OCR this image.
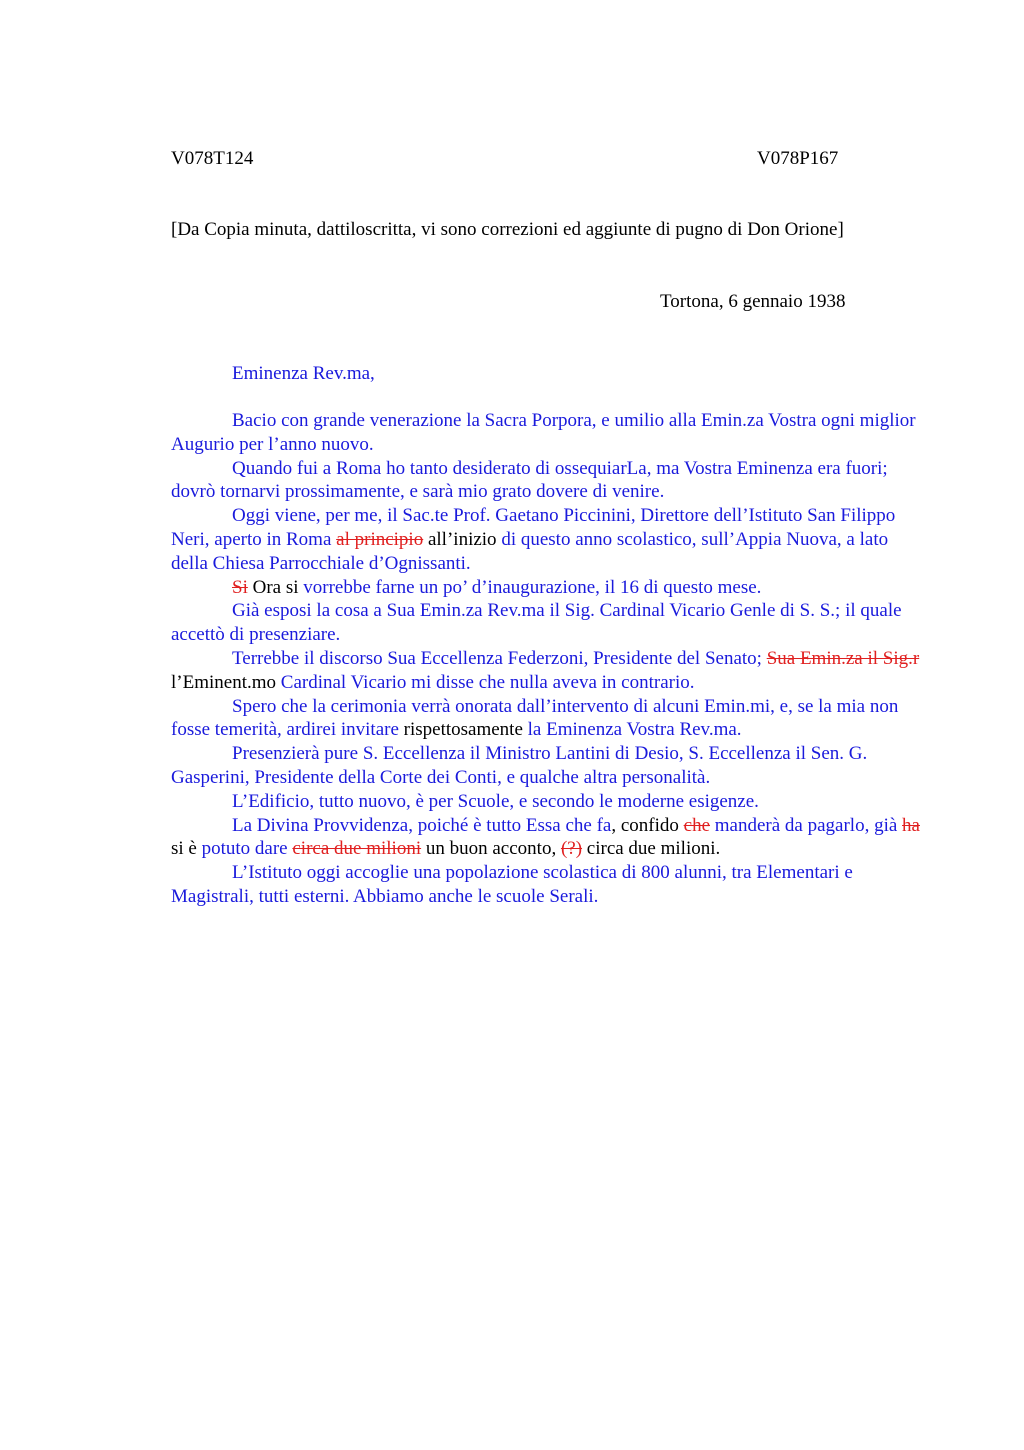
V078T124	V078P167
[Da Copia minuta, dattiloscritta, vi sono correzioni ed aggiunte di pugno di Don Orione]
Tortona, 6 gennaio 1938
Eminenza Rev.ma,

Bacio con grande venerazione la Sacra Porpora, e umilio alla Emin.za Vostra ogni miglior Augurio per l’anno nuovo.

Quando fui a Roma ho tanto desiderato di ossequiarLa, ma Vostra Eminenza era fuori; dovrò tornarvi prossimamente, e sarà mio grato dovere di venire.

Oggi viene, per me, il Sac.te Prof. Gaetano Piccinini, Direttore dell’Istituto San Filippo Neri, aperto in Roma al principio all’inizio di questo anno scolastico, sull’Appia Nuova, a lato della Chiesa Parrocchiale d’Ognissanti.

Si Ora si vorrebbe farne un po’ d’inaugurazione, il 16 di questo mese.

Già esposi la cosa a Sua Emin.za Rev.ma il Sig. Cardinal Vicario Genle di S. S.; il quale accettò di presenziare.

Terrebbe il discorso Sua Eccellenza Federzoni, Presidente del Senato; Sua Emin.za il Sig.r l’Eminent.mo Cardinal Vicario mi disse che nulla aveva in contrario.

Spero che la cerimonia verrà onorata dall’intervento di alcuni Emin.mi, e, se la mia non fosse temerità, ardirei invitare rispettosamente la Eminenza Vostra Rev.ma.

Presenzierà pure S. Eccellenza il Ministro Lantini di Desio, S. Eccellenza il Sen. G. Gasperini, Presidente della Corte dei Conti, e qualche altra personalità.

L’Edificio, tutto nuovo, è per Scuole, e secondo le moderne esigenze.

La Divina Provvidenza, poiché è tutto Essa che fa, confido che manderà da pagarlo, già ha si è potuto dare circa due milioni un buon acconto, (?) circa due milioni.

L’Istituto oggi accoglie una popolazione scolastica di 800 alunni, tra Elementari e Magistrali, tutti esterni. Abbiamo anche le scuole Serali.
